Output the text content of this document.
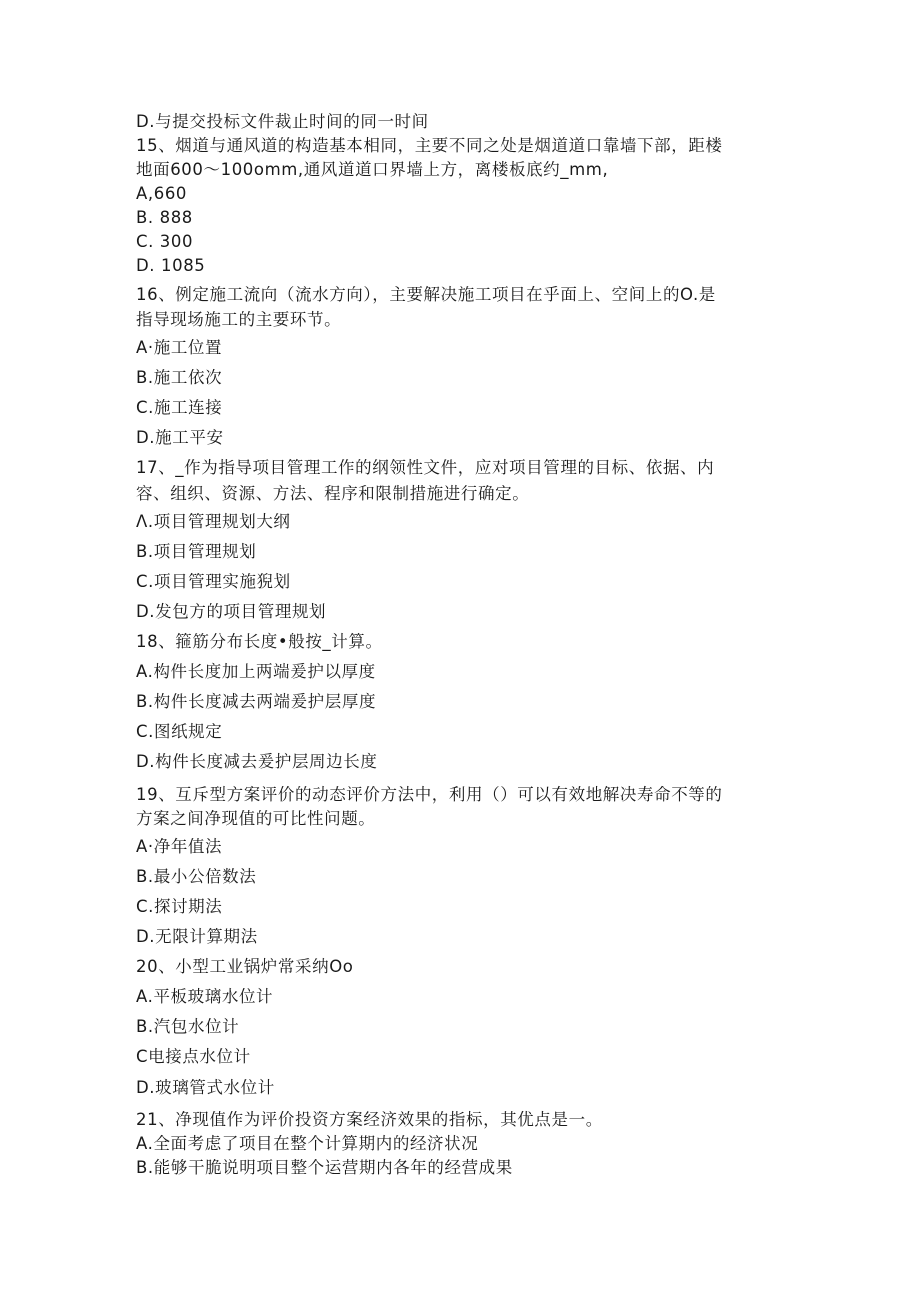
D.与提交投标文件裁止时间的同一时间
15、烟道与通风道的构造基本相同，主要不同之处是烟道道口靠墙下部，距楼
地面600～100omm,通风道道口界墙上方，离楼板底约_mm,
A,660
B. 888
C. 300
D. 1085
16、例定施工流向（流水方向），主要解决施工项目在乎面上、空间上的O.是
指导现场施工的主要环节。
A·施工位置
B.施工依次
C.施工连接
D.施工平安
17、_作为指导项目管理工作的纲领性文件，应对项目管理的目标、依据、内
容、组织、资源、方法、程序和限制措施进行确定。
Λ.项目管理规划大纲
B.项目管理规划
C.项目管理实施猊划
D.发包方的项目管理规划
18、箍筋分布长度•般按_计算。
A.构件长度加上两端爰护以厚度
B.构件长度减去两端爰护层厚度
C.图纸规定
D.构件长度减去爰护层周边长度
19、互斥型方案评价的动态评价方法中，利用（）可以有效地解决寿命不等的
方案之间净现值的可比性问题。
A·净年值法
B.最小公倍数法
C.探讨期法
D.无限计算期法
20、小型工业锅炉常采纳Oo
A.平板玻璃水位计
B.汽包水位计
C电接点水位计
D.玻璃管式水位计
21、净现值作为评价投资方案经济效果的指标，其优点是一。
A.全面考虑了项目在整个计算期内的经济状况
B.能够干脆说明项目整个运营期内各年的经营成果
